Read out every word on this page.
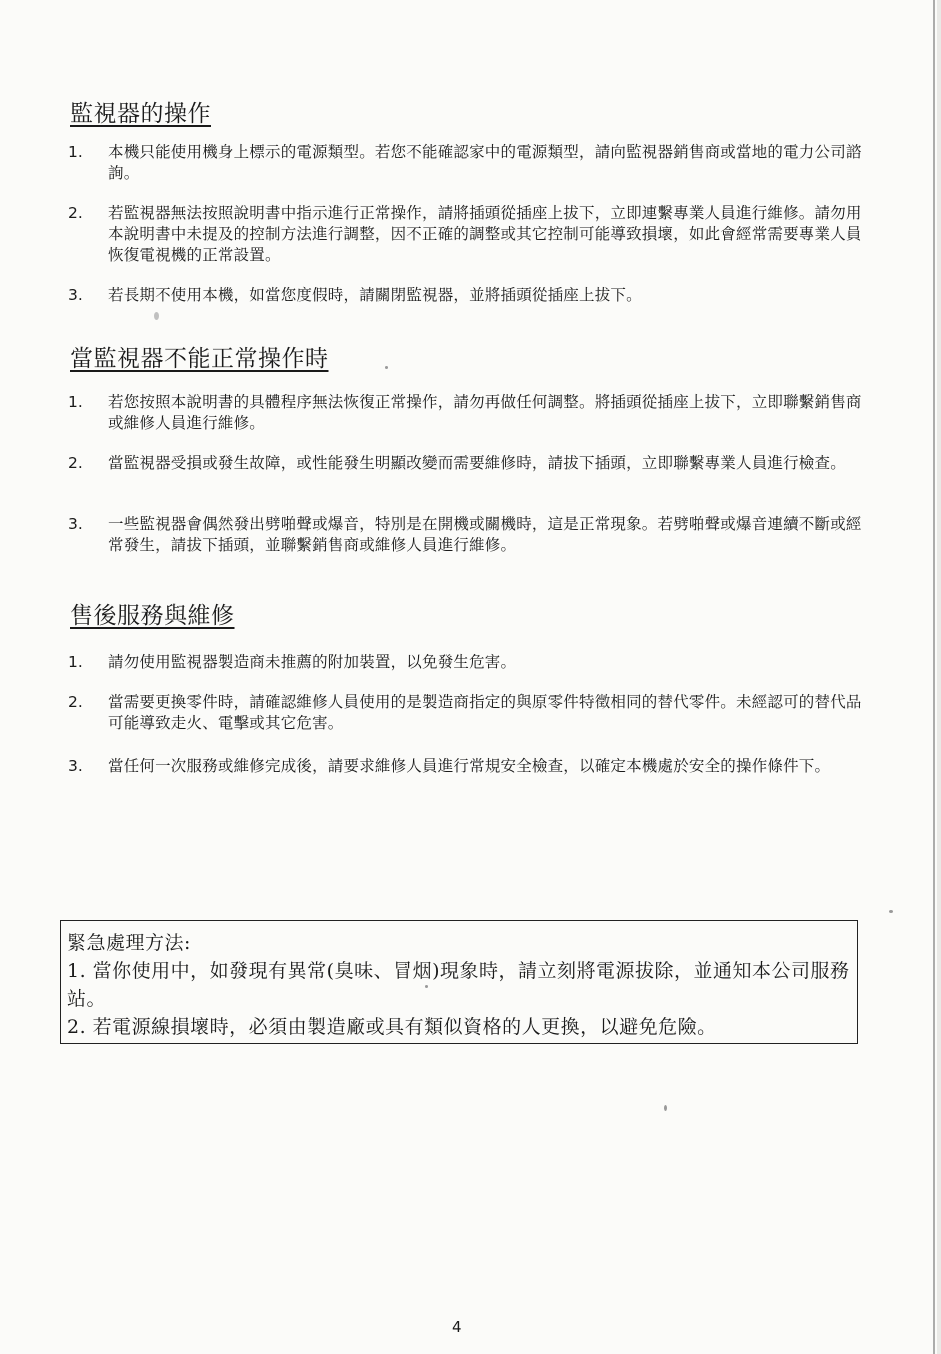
監視器的操作
1.	本機只能使用機身上標示的電源類型。若您不能確認家中的電源類型，請向監視器銷售商或當地的電力公司諮詢。
2.	若監視器無法按照說明書中指示進行正常操作，請將插頭從插座上拔下，立即連繫專業人員進行維修。請勿用本說明書中未提及的控制方法進行調整，因不正確的調整或其它控制可能導致損壞，如此會經常需要專業人員恢復電視機的正常設置。
3.	若長期不使用本機，如當您度假時，請關閉監視器，並將插頭從插座上拔下。
當監視器不能正常操作時
1.	若您按照本說明書的具體程序無法恢復正常操作，請勿再做任何調整。將插頭從插座上拔下，立即聯繫銷售商或維修人員進行維修。
2.	當監視器受損或發生故障，或性能發生明顯改變而需要維修時，請拔下插頭，立即聯繫專業人員進行檢查。
3.	一些監視器會偶然發出劈啪聲或爆音，特別是在開機或關機時，這是正常現象。若劈啪聲或爆音連續不斷或經常發生，請拔下插頭，並聯繫銷售商或維修人員進行維修。
售後服務與維修
1.	請勿使用監視器製造商未推薦的附加裝置，以免發生危害。
2.	當需要更換零件時，請確認維修人員使用的是製造商指定的與原零件特徵相同的替代零件。未經認可的替代品可能導致走火、電擊或其它危害。
3.	當任何一次服務或維修完成後，請要求維修人員進行常規安全檢查，以確定本機處於安全的操作條件下。
緊急處理方法:
1. 當你使用中，如發現有異常(臭味、冒烟)現象時，請立刻將電源拔除，並通知本公司服務站。
2. 若電源線損壞時，必須由製造廠或具有類似資格的人更換，以避免危險。
4
